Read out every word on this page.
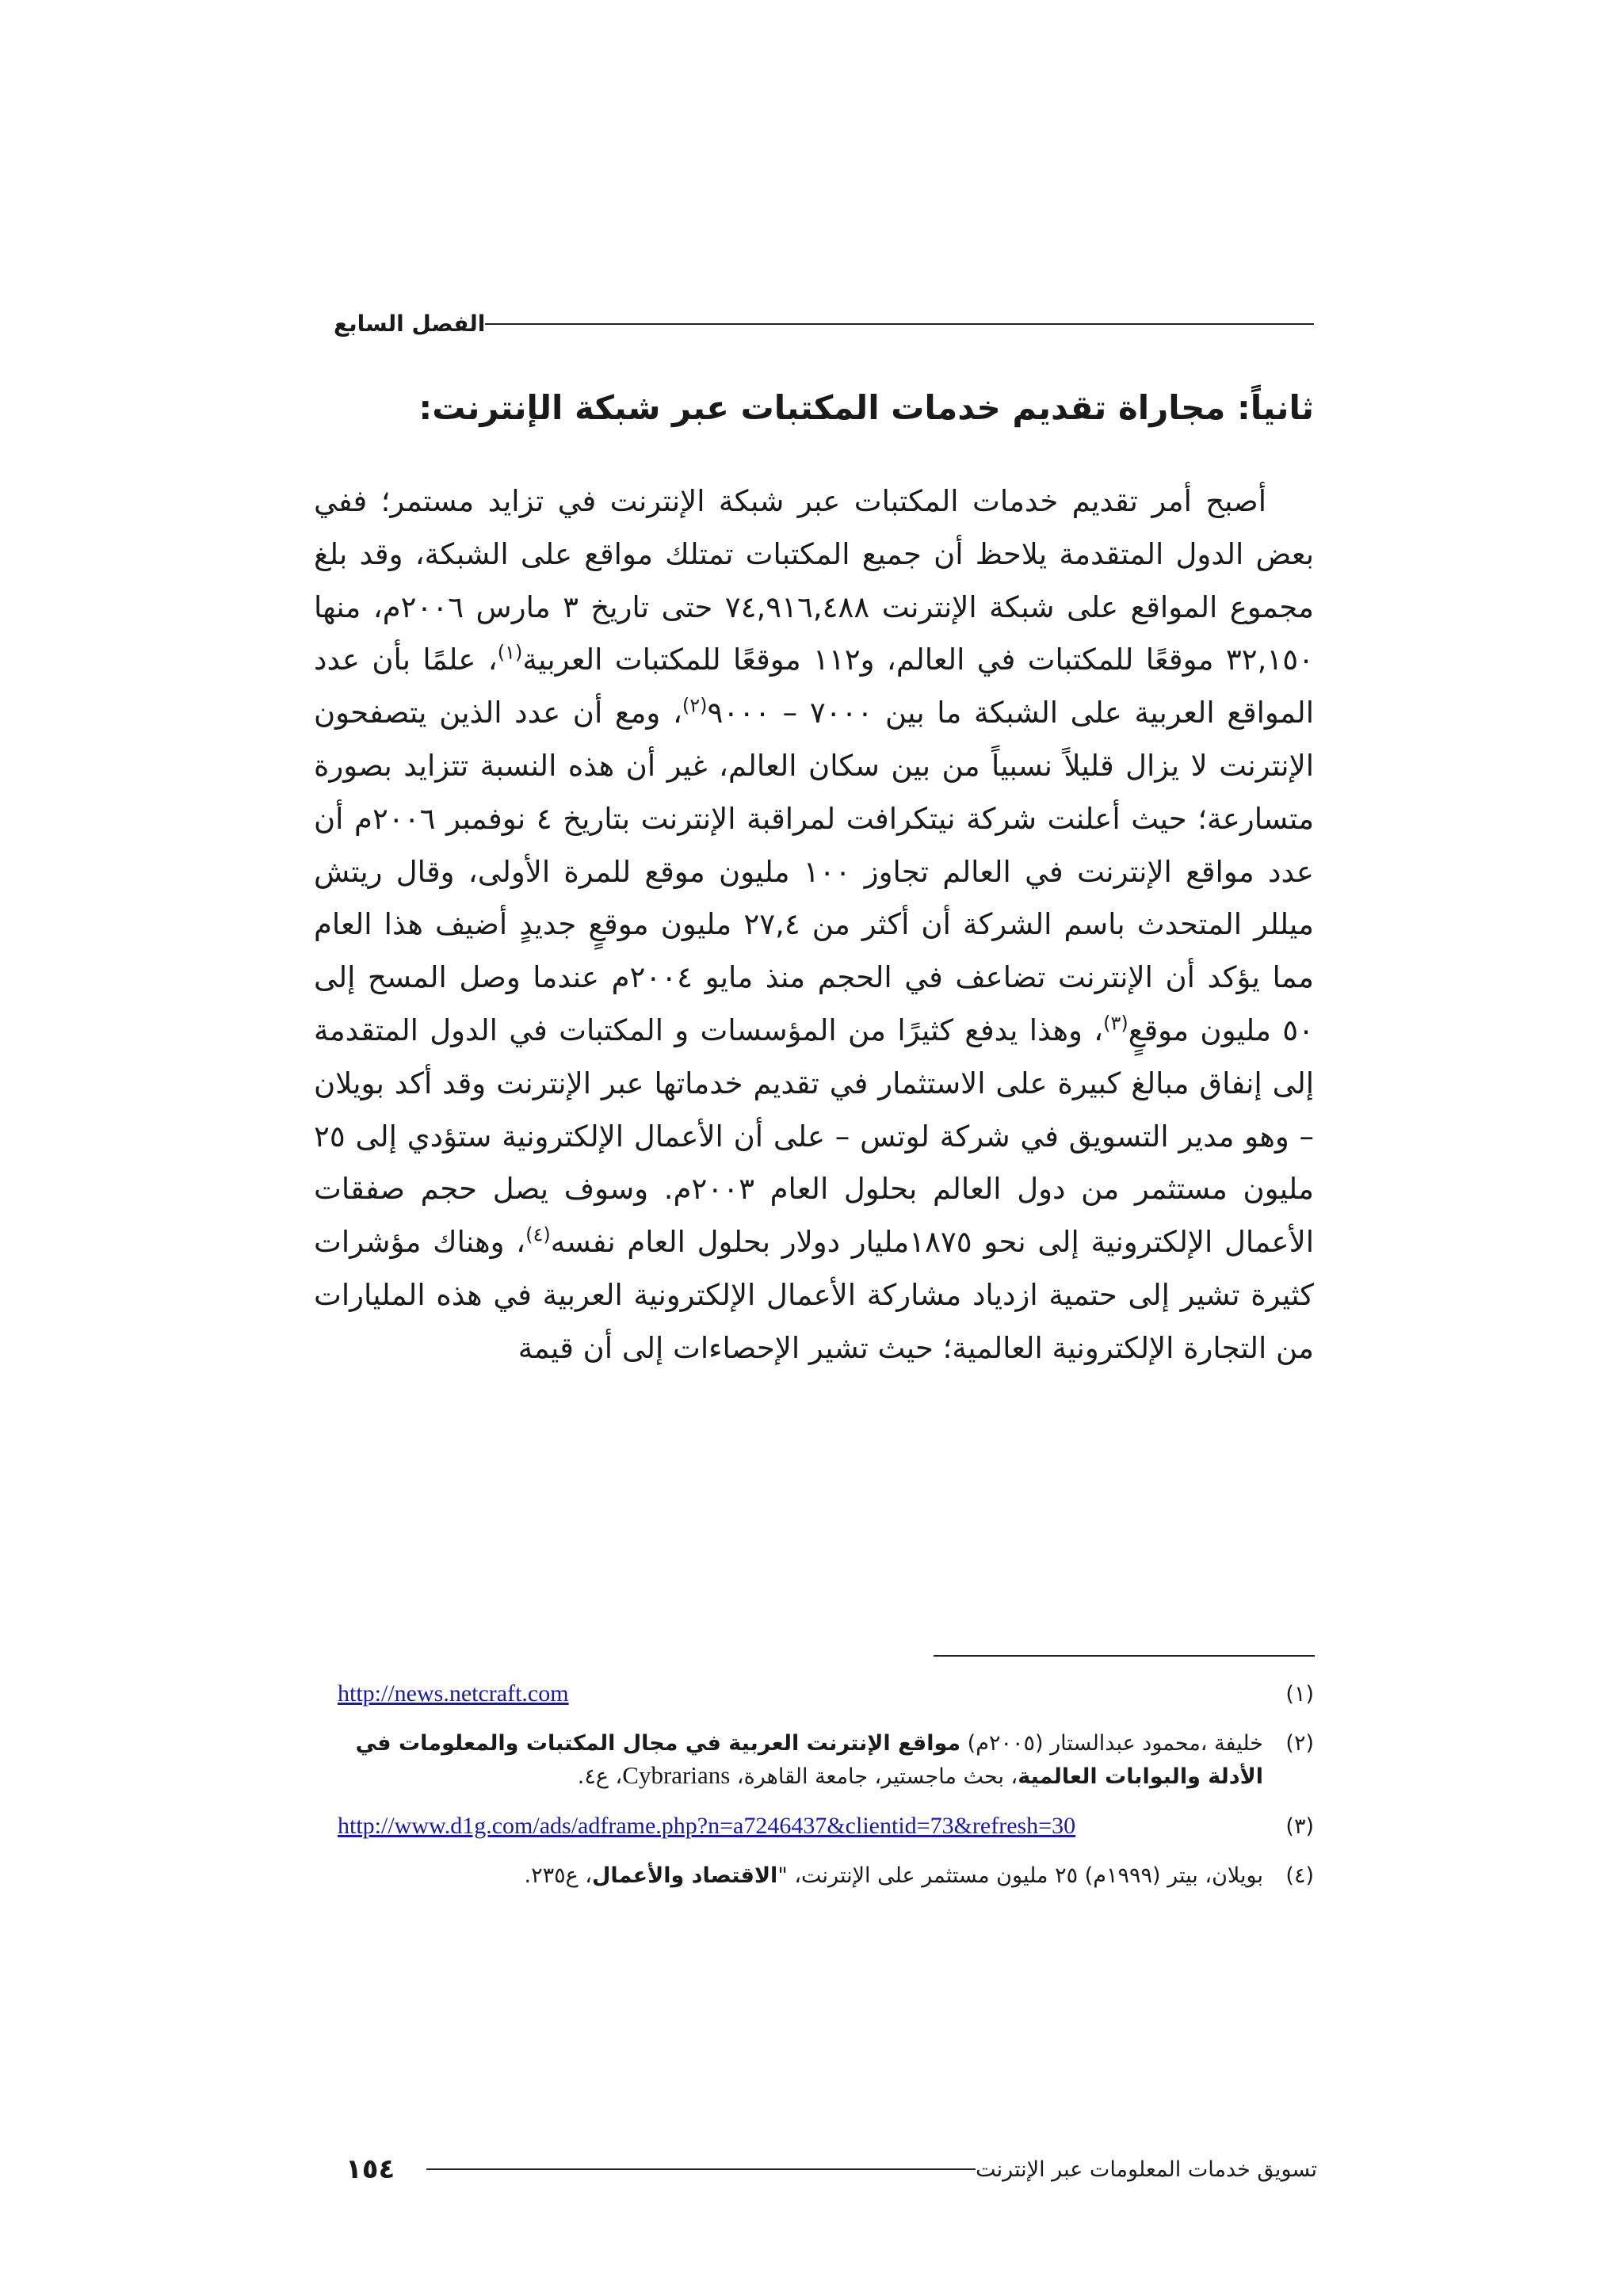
الفصل السابع
ثانياً: مجاراة تقديم خدمات المكتبات عبر شبكة الإنترنت:

أصبح أمر تقديم خدمات المكتبات عبر شبكة الإنترنت في تزايد مستمر؛ ففي بعض الدول المتقدمة يلاحظ أن جميع المكتبات تمتلك مواقع على الشبكة، وقد بلغ مجموع المواقع على شبكة الإنترنت ٧٤,٩١٦,٤٨٨ حتى تاريخ ٣ مارس ٢٠٠٦م، منها ٣٢,١٥٠ موقعًا للمكتبات في العالم، و١١٢ موقعًا للمكتبات العربية$^{(١)}$، علمًا بأن عدد المواقع العربية على الشبكة ما بين ٧٠٠٠ – ٩٠٠٠$^{(٢)}$، ومع أن عدد الذين يتصفحون الإنترنت لا يزال قليلاً نسبياً من بين سكان العالم، غير أن هذه النسبة تتزايد بصورة متسارعة؛ حيث أعلنت شركة نيتكرافت لمراقبة الإنترنت بتاريخ ٤ نوفمبر ٢٠٠٦م أن عدد مواقع الإنترنت في العالم تجاوز ١٠٠ مليون موقع للمرة الأولى، وقال ريتش ميللر المتحدث باسم الشركة أن أكثر من ٢٧,٤ مليون موقعٍ جديدٍ أضيف هذا العام مما يؤكد أن الإنترنت تضاعف في الحجم منذ مايو ٢٠٠٤م عندما وصل المسح إلى ٥٠ مليون موقعٍ$^{(٣)}$، وهذا يدفع كثيرًا من المؤسسات و المكتبات في الدول المتقدمة إلى إنفاق مبالغ كبيرة على الاستثمار في تقديم خدماتها عبر الإنترنت وقد أكد بويلان – وهو مدير التسويق في شركة لوتس – على أن الأعمال الإلكترونية ستؤدي إلى ٢٥ مليون مستثمر من دول العالم بحلول العام ٢٠٠٣م. وسوف يصل حجم صفقات الأعمال الإلكترونية إلى نحو ١٨٧٥مليار دولار بحلول العام نفسه$^{(٤)}$، وهناك مؤشرات كثيرة تشير إلى حتمية ازدياد مشاركة الأعمال الإلكترونية العربية في هذه المليارات من التجارة الإلكترونية العالمية؛ حيث تشير الإحصاءات إلى أن قيمة

(١)
http://news.netcraft.com
(٢)
خليفة ،محمود عبدالستار (٢٠٠٥م) مواقع الإنترنت العربية في مجال المكتبات والمعلومات في الأدلة والبوابات العالمية، بحث ماجستير، جامعة القاهرة، Cybrarians، ع٤.
(٣)
http://www.d1g.com/ads/adframe.php?n=a7246437&clientid=73&refresh=30
(٤)
بويلان، بيتر (١٩٩٩م) ٢٥ مليون مستثمر على الإنترنت، "الاقتصاد والأعمال، ع٢٣٥.
١٥٤	تسويق خدمات المعلومات عبر الإنترنت
